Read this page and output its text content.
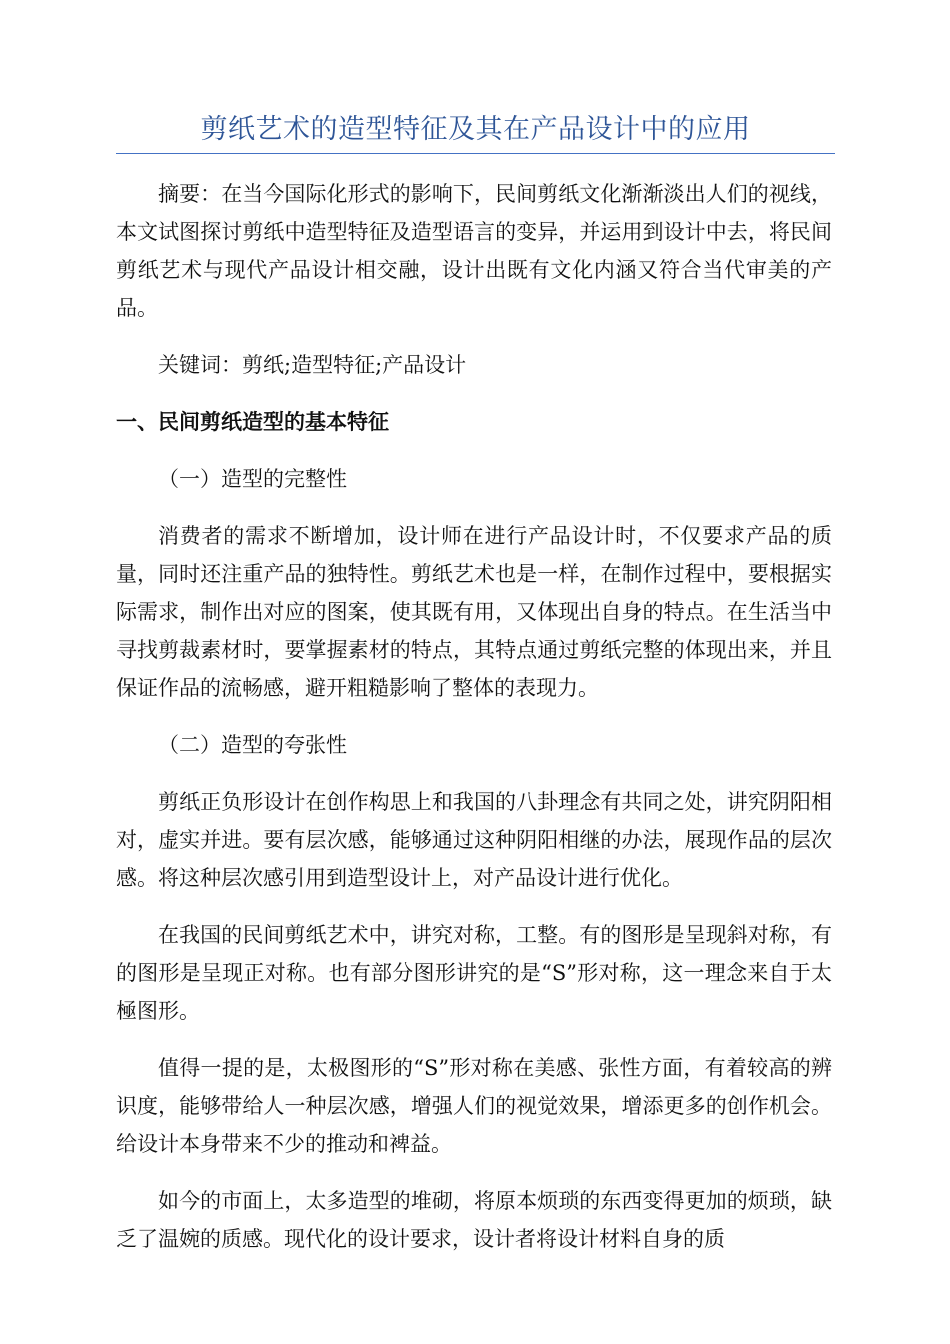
剪纸艺术的造型特征及其在产品设计中的应用

摘要：在当今国际化形式的影响下，民间剪纸文化渐渐淡出人们的视线，本文试图探讨剪纸中造型特征及造型语言的变异，并运用到设计中去，将民间剪纸艺术与现代产品设计相交融，设计出既有文化内涵又符合当代审美的产品。

关键词：剪纸;造型特征;产品设计

一、民间剪纸造型的基本特征

（一）造型的完整性

消费者的需求不断增加，设计师在进行产品设计时，不仅要求产品的质量，同时还注重产品的独特性。剪纸艺术也是一样，在制作过程中，要根据实际需求，制作出对应的图案，使其既有用，又体现出自身的特点。在生活当中寻找剪裁素材时，要掌握素材的特点，其特点通过剪纸完整的体现出来，并且保证作品的流畅感，避开粗糙影响了整体的表现力。

（二）造型的夸张性

剪纸正负形设计在创作构思上和我国的八卦理念有共同之处，讲究阴阳相对，虚实并进。要有层次感，能够通过这种阴阳相继的办法，展现作品的层次感。将这种层次感引用到造型设计上，对产品设计进行优化。

在我国的民间剪纸艺术中，讲究对称，工整。有的图形是呈现斜对称，有的图形是呈现正对称。也有部分图形讲究的是“S”形对称，这一理念来自于太極图形。

值得一提的是，太极图形的“S”形对称在美感、张性方面，有着较高的辨识度，能够带给人一种层次感，增强人们的视觉效果，增添更多的创作机会。给设计本身带来不少的推动和裨益。

如今的市面上，太多造型的堆砌，将原本烦琐的东西变得更加的烦琐，缺乏了温婉的质感。现代化的设计要求，设计者将设计材料自身的质
